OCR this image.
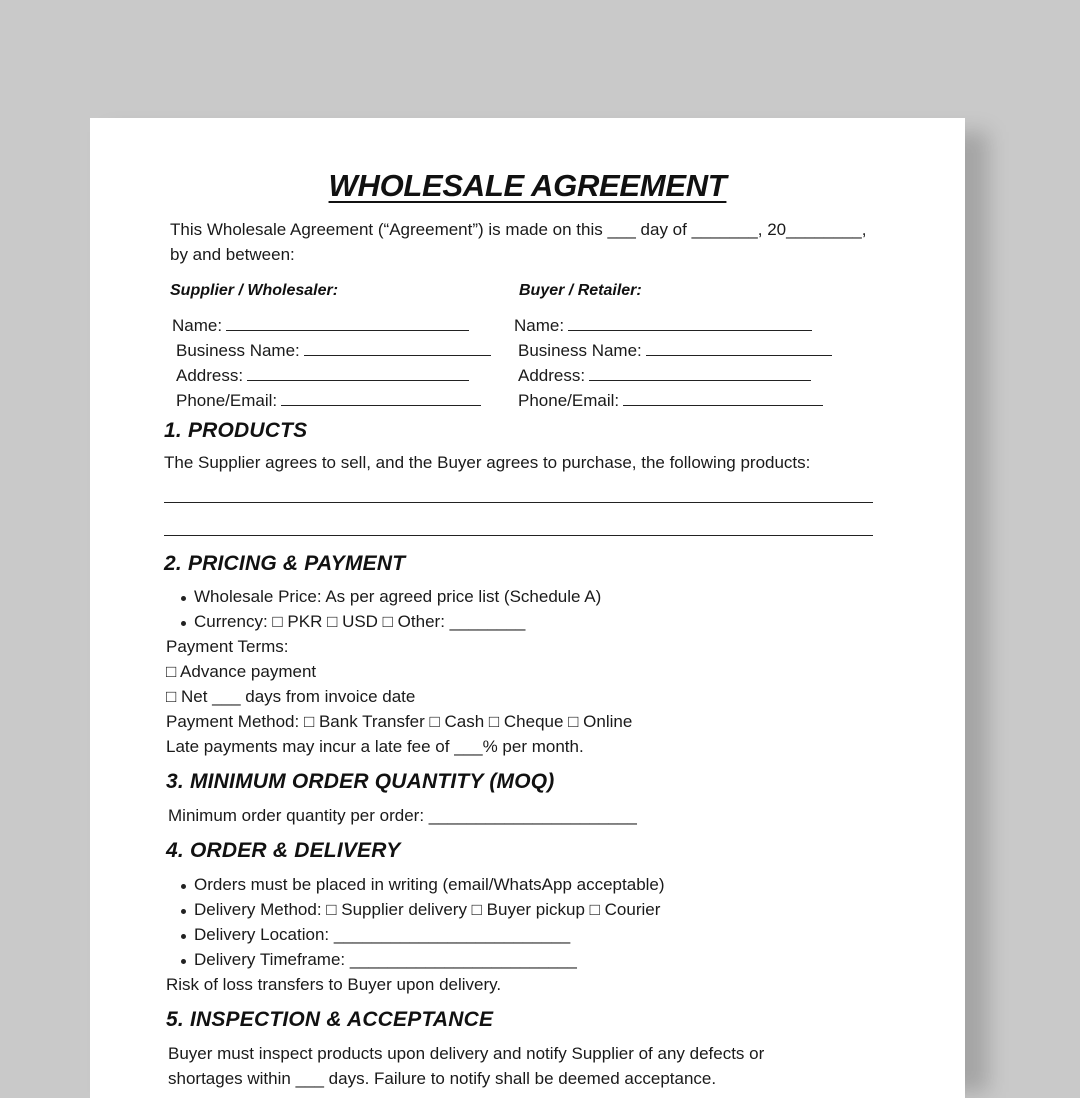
WHOLESALE AGREEMENT
This Wholesale Agreement (“Agreement”) is made on this ___ day of _______, 20________,
by and between:
Supplier / Wholesaler:
Name:
Business Name:
Address:
Phone/Email:
Buyer / Retailer:
Name:
Business Name:
Address:
Phone/Email:
1. PRODUCTS
The Supplier agrees to sell, and the Buyer agrees to purchase, the following products:
2. PRICING & PAYMENT
Wholesale Price: As per agreed price list (Schedule A)
Currency: □ PKR □ USD □ Other: ________
Payment Terms:
□ Advance payment
□ Net ___ days from invoice date
Payment Method: □ Bank Transfer □ Cash □ Cheque □ Online
Late payments may incur a late fee of ___% per month.
3. MINIMUM ORDER QUANTITY (MOQ)
Minimum order quantity per order: ______________________
4. ORDER & DELIVERY
Orders must be placed in writing (email/WhatsApp acceptable)
Delivery Method: □ Supplier delivery □ Buyer pickup □ Courier
Delivery Location: _________________________
Delivery Timeframe: ________________________
Risk of loss transfers to Buyer upon delivery.
5. INSPECTION & ACCEPTANCE
Buyer must inspect products upon delivery and notify Supplier of any defects or
shortages within ___ days. Failure to notify shall be deemed acceptance.
